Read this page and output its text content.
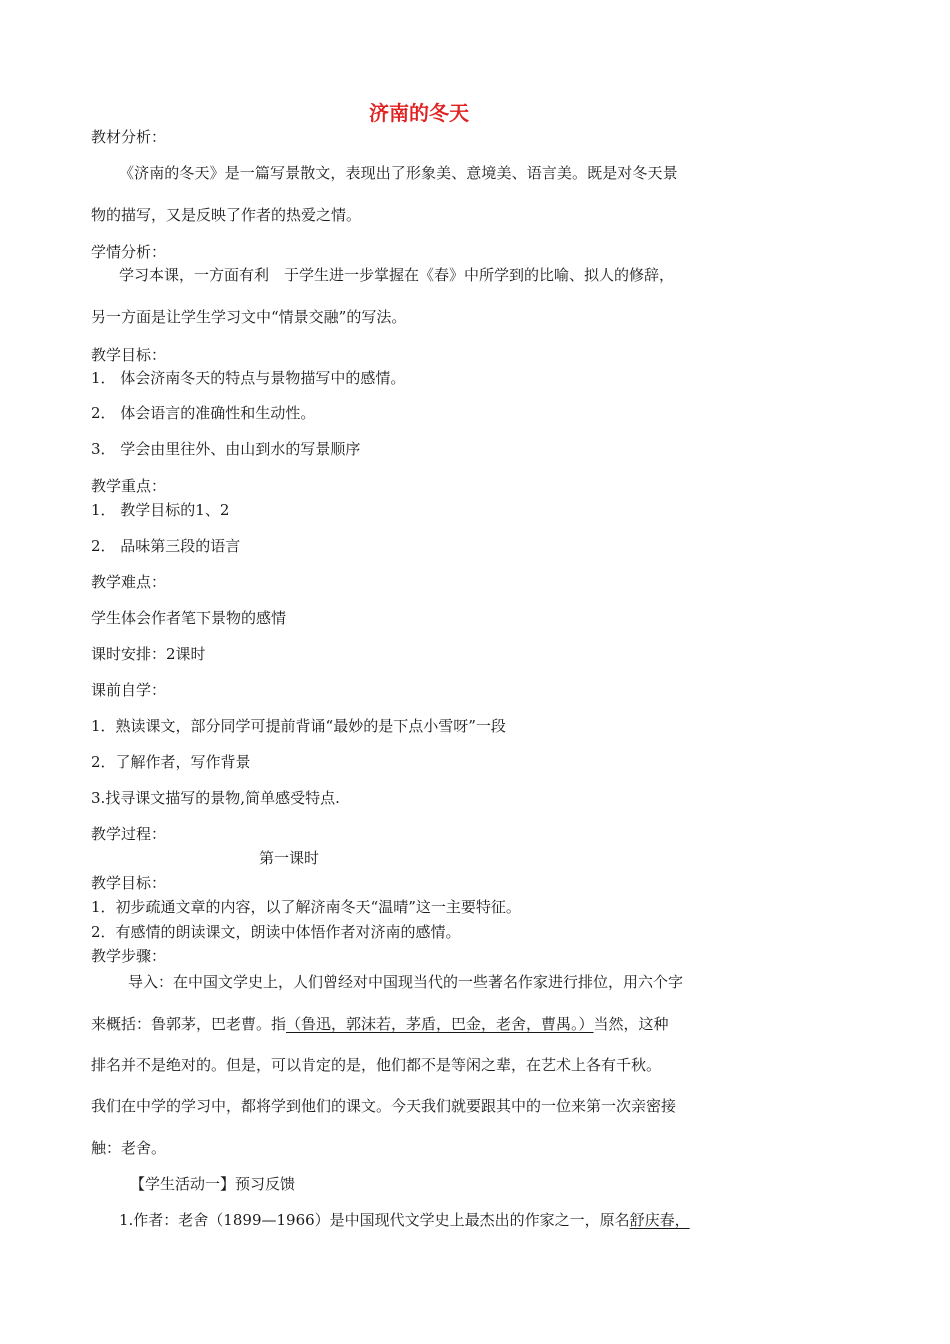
济南的冬天
教材分析：
《济南的冬天》是一篇写景散文，表现出了形象美、意境美、语言美。既是对冬天景
物的描写，又是反映了作者的热爱之情。
学情分析：
学习本课，一方面有利　于学生进一步掌握在《春》中所学到的比喻、拟人的修辞，
另一方面是让学生学习文中“情景交融”的写法。
教学目标：
1． 体会济南冬天的特点与景物描写中的感情。
2． 体会语言的准确性和生动性。
3． 学会由里往外、由山到水的写景顺序
教学重点：
1． 教学目标的1、2
2． 品味第三段的语言
教学难点：
学生体会作者笔下景物的感情
课时安排：2课时
课前自学：
1．熟读课文，部分同学可提前背诵“最妙的是下点小雪呀”一段
2．了解作者，写作背景
3.找寻课文描写的景物,简单感受特点.
教学过程：
第一课时
教学目标：
1．初步疏通文章的内容，以了解济南冬天“温晴”这一主要特征。
2．有感情的朗读课文，朗读中体悟作者对济南的感情。
教学步骤：
导入：在中国文学史上，人们曾经对中国现当代的一些著名作家进行排位，用六个字
来概括：鲁郭茅，巴老曹。指（鲁迅，郭沫若，茅盾，巴金，老舍，曹禺。）当然，这种
排名并不是绝对的。但是，可以肯定的是，他们都不是等闲之辈，在艺术上各有千秋。
我们在中学的学习中，都将学到他们的课文。今天我们就要跟其中的一位来第一次亲密接
触：老舍。
【学生活动一】预习反馈
1.作者：老舍（1899—1966）是中国现代文学史上最杰出的作家之一，原名舒庆春，
